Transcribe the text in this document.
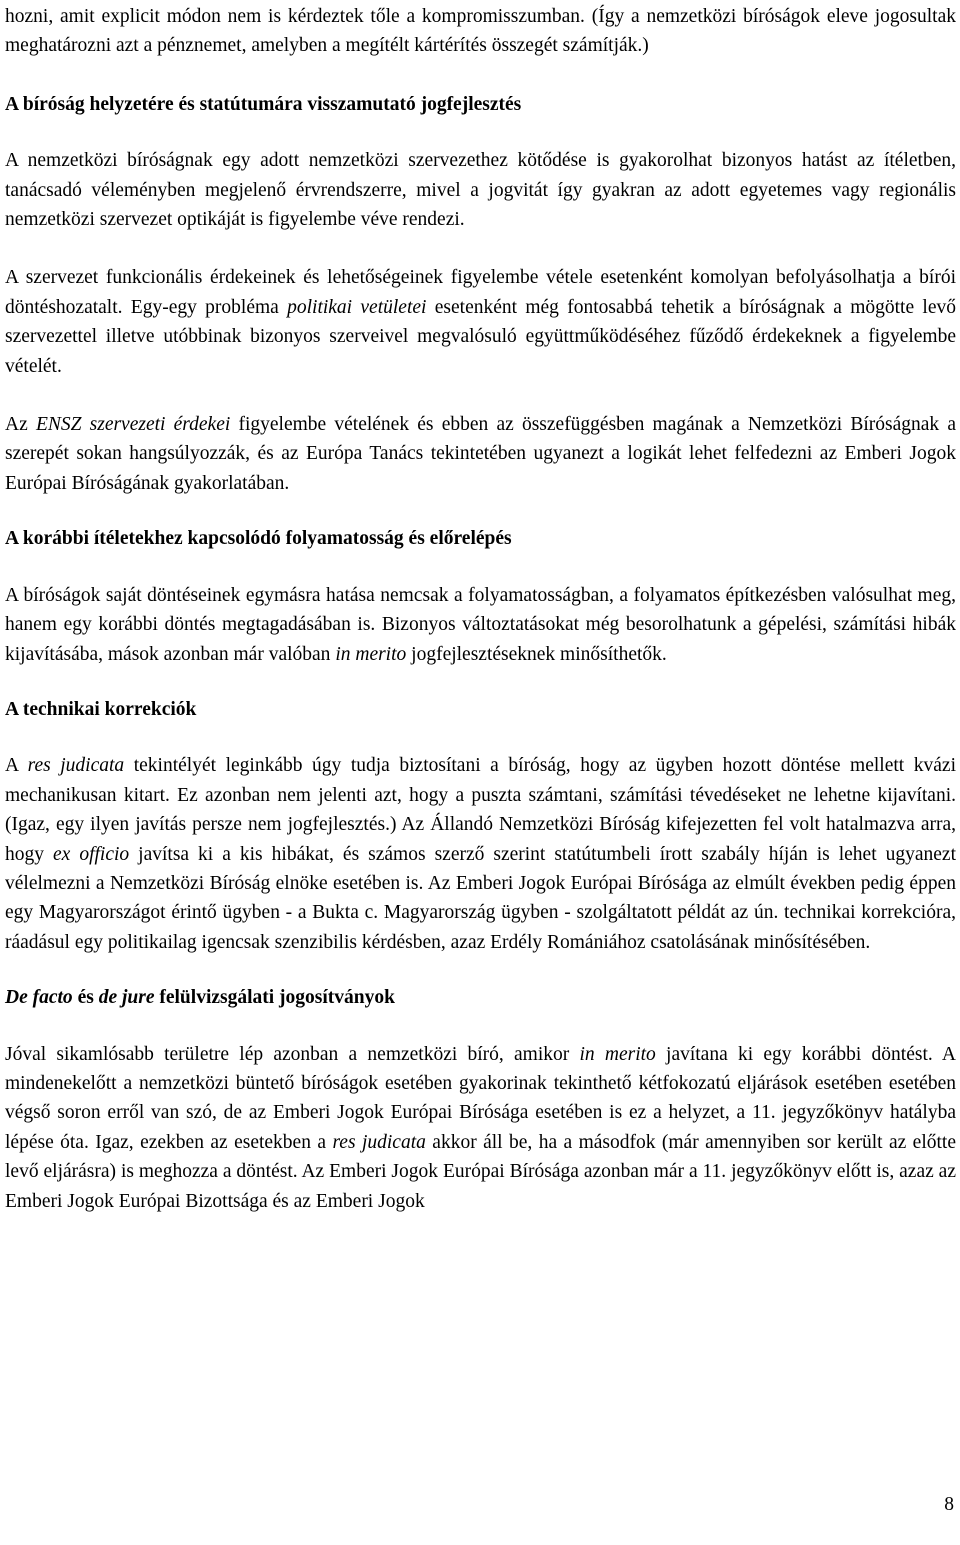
hozni, amit explicit módon nem is kérdeztek tőle a kompromisszumban. (Így a nemzetközi bíróságok eleve jogosultak meghatározni azt a pénznemet, amelyben a megítélt kártérítés összegét számítják.)

A bíróság helyzetére és statútumára visszamutató jogfejlesztés

A nemzetközi bíróságnak egy adott nemzetközi szervezethez kötődése is gyakorolhat bizonyos hatást az ítéletben, tanácsadó véleményben megjelenő érvrendszerre, mivel a jogvitát így gyakran az adott egyetemes vagy regionális nemzetközi szervezet optikáját is figyelembe véve rendezi.

A szervezet funkcionális érdekeinek és lehetőségeinek figyelembe vétele esetenként komolyan befolyásolhatja a bírói döntéshozatalt. Egy-egy probléma politikai vetületei esetenként még fontosabbá tehetik a bíróságnak a mögötte levő szervezettel illetve utóbbinak bizonyos szerveivel megvalósuló együttműködéséhez fűződő érdekeknek a figyelembe vételét.

Az ENSZ szervezeti érdekei figyelembe vételének és ebben az összefüggésben magának a Nemzetközi Bíróságnak a szerepét sokan hangsúlyozzák, és az Európa Tanács tekintetében ugyanezt a logikát lehet felfedezni az Emberi Jogok Európai Bíróságának gyakorlatában.

A korábbi ítéletekhez kapcsolódó folyamatosság és előrelépés

A bíróságok saját döntéseinek egymásra hatása nemcsak a folyamatosságban, a folyamatos építkezésben valósulhat meg, hanem egy korábbi döntés megtagadásában is. Bizonyos változtatásokat még besorolhatunk a gépelési, számítási hibák kijavításába, mások azonban már valóban in merito jogfejlesztéseknek minősíthetők.

A technikai korrekciók

A res judicata tekintélyét leginkább úgy tudja biztosítani a bíróság, hogy az ügyben hozott döntése mellett kvázi mechanikusan kitart. Ez azonban nem jelenti azt, hogy a puszta számtani, számítási tévedéseket ne lehetne kijavítani. (Igaz, egy ilyen javítás persze nem jogfejlesztés.) Az Állandó Nemzetközi Bíróság kifejezetten fel volt hatalmazva arra, hogy ex officio javítsa ki a kis hibákat, és számos szerző szerint statútumbeli írott szabály híján is lehet ugyanezt vélelmezni a Nemzetközi Bíróság elnöke esetében is. Az Emberi Jogok Európai Bírósága az elmúlt években pedig éppen egy Magyarországot érintő ügyben - a Bukta c. Magyarország ügyben - szolgáltatott példát az ún. technikai korrekcióra, ráadásul egy politikailag igencsak szenzibilis kérdésben, azaz Erdély Romániához csatolásának minősítésében.

De facto és de jure felülvizsgálati jogosítványok

Jóval sikamlósabb területre lép azonban a nemzetközi bíró, amikor in merito javítana ki egy korábbi döntést. A mindenekelőtt a nemzetközi büntető bíróságok esetében gyakorinak tekinthető kétfokozatú eljárások esetében esetében végső soron erről van szó, de az Emberi Jogok Európai Bírósága esetében is ez a helyzet, a 11. jegyzőkönyv hatályba lépése óta. Igaz, ezekben az esetekben a res judicata akkor áll be, ha a másodfok (már amennyiben sor került az előtte levő eljárásra) is meghozza a döntést. Az Emberi Jogok Európai Bírósága azonban már a 11. jegyzőkönyv előtt is, azaz az Emberi Jogok Európai Bizottsága és az Emberi Jogok

8
